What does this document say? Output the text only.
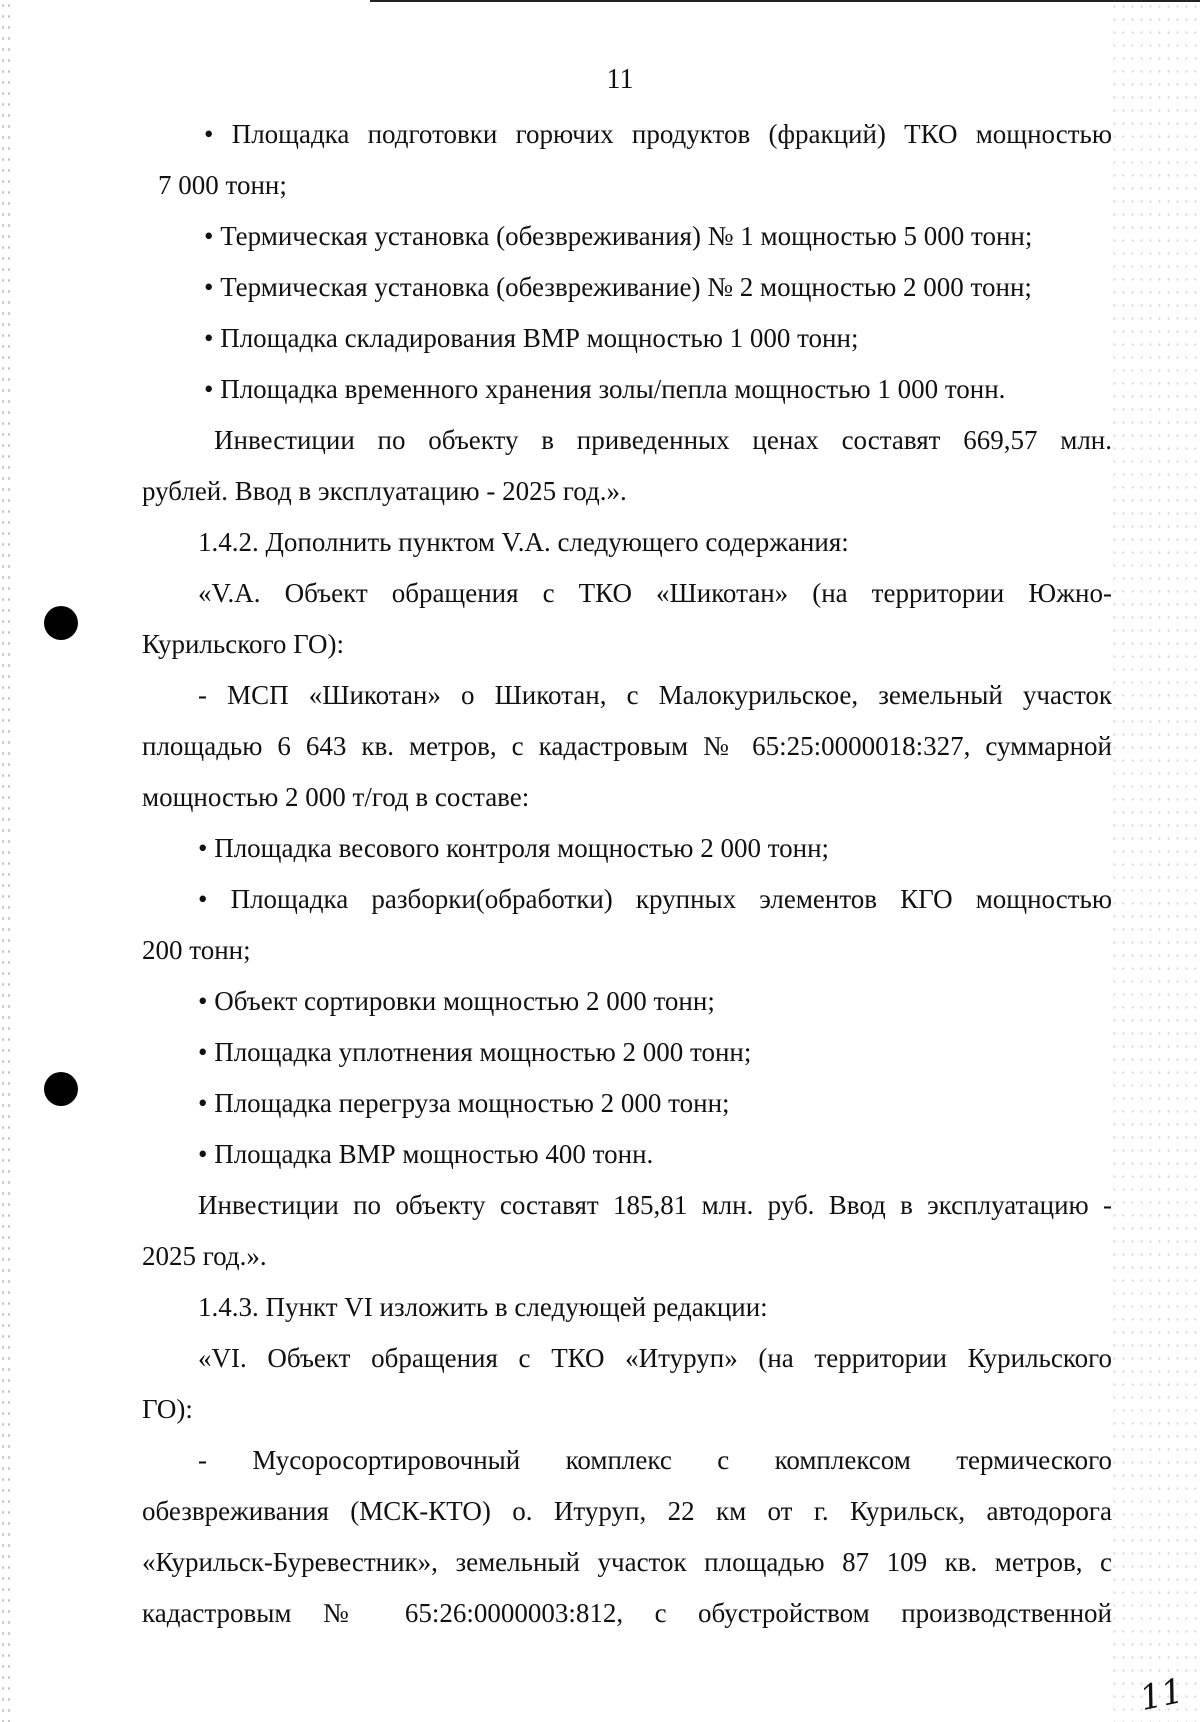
11
• Площадка подготовки горючих продуктов (фракций) ТКО мощностью
7 000 тонн;
• Термическая установка (обезвреживания) № 1 мощностью 5 000 тонн;
• Термическая установка (обезвреживание) № 2 мощностью 2 000 тонн;
• Площадка складирования ВМР мощностью 1 000 тонн;
• Площадка временного хранения золы/пепла мощностью 1 000 тонн.
Инвестиции по объекту в приведенных ценах составят 669,57 млн.
рублей. Ввод в эксплуатацию - 2025 год.».
1.4.2. Дополнить пунктом V.A. следующего содержания:
«V.A. Объект обращения с ТКО «Шикотан» (на территории Южно-
Курильского ГО):
- МСП «Шикотан» о Шикотан, с Малокурильское, земельный участок
площадью 6 643 кв. метров, с кадастровым № 65:25:0000018:327, суммарной
мощностью 2 000 т/год в составе:
• Площадка весового контроля мощностью 2 000 тонн;
• Площадка разборки(обработки) крупных элементов КГО мощностью
200 тонн;
• Объект сортировки мощностью 2 000 тонн;
• Площадка уплотнения мощностью 2 000 тонн;
• Площадка перегруза мощностью 2 000 тонн;
• Площадка ВМР мощностью 400 тонн.
Инвестиции по объекту составят 185,81 млн. руб. Ввод в эксплуатацию -
2025 год.».
1.4.3. Пункт VI изложить в следующей редакции:
«VI. Объект обращения с ТКО «Итуруп» (на территории Курильского
ГО):
- Мусоросортировочный комплекс с комплексом термического
обезвреживания (МСК-КТО) о. Итуруп, 22 км от г. Курильск, автодорога
«Курильск-Буревестник», земельный участок площадью 87 109 кв. метров, с
кадастровым № 65:26:0000003:812, с обустройством производственной
11
